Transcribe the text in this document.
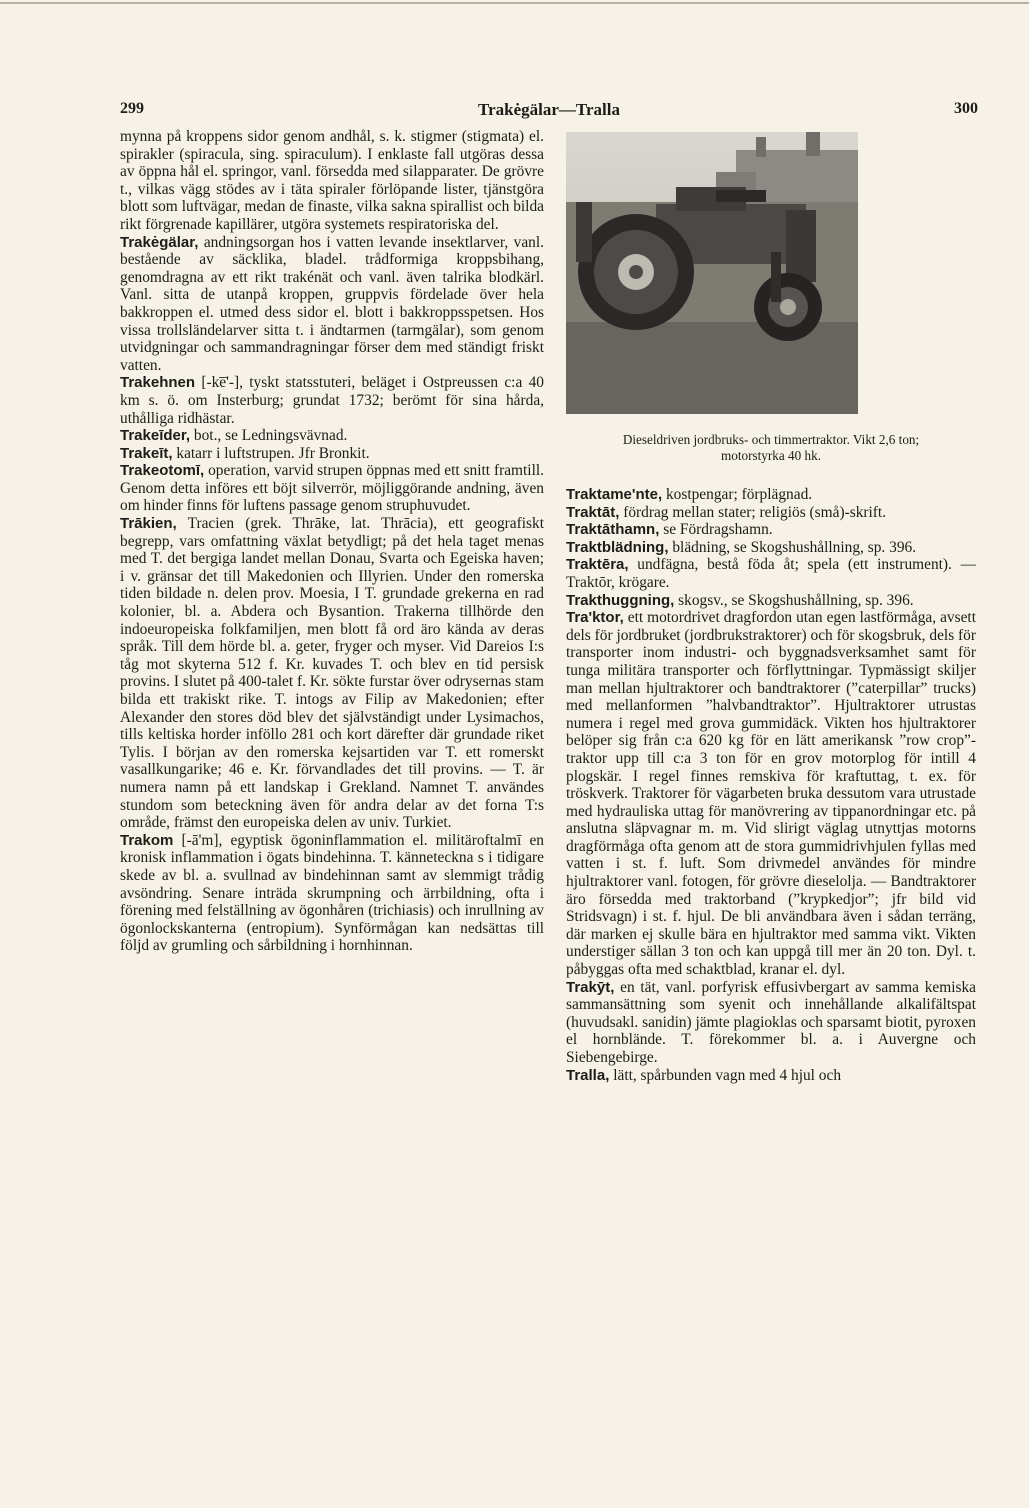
299	Trakėgälar—Tralla	300

mynna på kroppens sidor genom andhål, s. k. stigmer (stigmata) el. spirakler (spiracula, sing. spiraculum). I enklaste fall utgöras dessa av öppna hål el. springor, vanl. försedda med silapparater. De grövre t., vilkas vägg stödes av i täta spiraler förlöpande lister, tjänstgöra blott som luftvägar, medan de finaste, vilka sakna spirallist och bilda rikt förgrenade kapillärer, utgöra systemets respiratoriska del.

Trakėgälar, andningsorgan hos i vatten levande insektlarver, vanl. bestående av säcklika, bladel. trådformiga kroppsbihang, genomdragna av ett rikt trakénät och vanl. även talrika blodkärl. Vanl. sitta de utanpå kroppen, gruppvis fördelade över hela bakkroppen el. utmed dess sidor el. blott i bakkroppsspetsen. Hos vissa trollsländelarver sitta t. i ändtarmen (tarmgälar), som genom utvidgningar och sammandragningar förser dem med ständigt friskt vatten.

Trakehnen [-ke̅'-], tyskt statsstuteri, beläget i Ostpreussen c:a 40 km s. ö. om Insterburg; grundat 1732; berömt för sina hårda, uthålliga ridhästar.

Trakeīder, bot., se Ledningsvävnad.

Trakeīt, katarr i luftstrupen. Jfr Bronkit.

Trakeotomī, operation, varvid strupen öppnas med ett snitt framtill. Genom detta införes ett böjt silverrör, möjliggörande andning, även om hinder finns för luftens passage genom struphuvudet.

Trākien, Tracien (grek. Thrāke, lat. Thrācia), ett geografiskt begrepp, vars omfattning växlat betydligt; på det hela taget menas med T. det bergiga landet mellan Donau, Svarta och Egeiska haven; i v. gränsar det till Makedonien och Illyrien. Under den romerska tiden bildade n. delen prov. Moesia, I T. grundade grekerna en rad kolonier, bl. a. Abdera och Bysantion. Trakerna tillhörde den indoeuropeiska folkfamiljen, men blott få ord äro kända av deras språk. Till dem hörde bl. a. geter, fryger och myser. Vid Dareios I:s tåg mot skyterna 512 f. Kr. kuvades T. och blev en tid persisk provins. I slutet på 400-talet f. Kr. sökte furstar över odrysernas stam bilda ett trakiskt rike. T. intogs av Filip av Makedonien; efter Alexander den stores död blev det självständigt under Lysimachos, tills keltiska horder inföllo 281 och kort därefter där grundade riket Tylis. I början av den romerska kejsartiden var T. ett romerskt vasallkungarike; 46 e. Kr. förvandlades det till provins. — T. är numera namn på ett landskap i Grekland. Namnet T. användes stundom som beteckning även för andra delar av det forna T:s område, främst den europeiska delen av univ. Turkiet.

Trakom [-ā'm], egyptisk ögoninflammation el. militäroftalmī en kronisk inflammation i ögats bindehinna. T. känneteckna s i tidigare skede av bl. a. svullnad av bindehinnan samt av slemmigt trådig avsöndring. Senare inträda skrumpning och ärrbildning, ofta i förening med felställning av ögonhåren (trichiasis) och inrullning av ögonlockskanterna (entropium). Synförmågan kan nedsättas till följd av grumling och sårbildning i hornhinnan.

Dieseldriven jordbruks- och timmertraktor. Vikt 2,6 ton;
motorstyrka 40 hk.

Traktame'nte, kostpengar; förplägnad.

Traktāt, fördrag mellan stater; religiös (små)-skrift.

Traktāthamn, se Fördragshamn.

Traktblädning, blädning, se Skogshushållning, sp. 396.

Traktēra, undfägna, bestå föda åt; spela (ett instrument). — Traktōr, krögare.

Trakthuggning, skogsv., se Skogshushållning, sp. 396.

Tra'ktor, ett motordrivet dragfordon utan egen lastförmåga, avsett dels för jordbruket (jordbrukstraktorer) och för skogsbruk, dels för transporter inom industri- och byggnadsverksamhet samt för tunga militära transporter och förflyttningar. Typmässigt skiljer man mellan hjultraktorer och bandtraktorer (”caterpillar” trucks) med mellanformen ”halvbandtraktor”. Hjultraktorer utrustas numera i regel med grova gummidäck. Vikten hos hjultraktorer belöper sig från c:a 620 kg för en lätt amerikansk ”row crop”-traktor upp till c:a 3 ton för en grov motorplog för intill 4 plogskär. I regel finnes remskiva för kraftuttag, t. ex. för tröskverk. Traktorer för vägarbeten bruka dessutom vara utrustade med hydrauliska uttag för manövrering av tippanordningar etc. på anslutna släpvagnar m. m. Vid slirigt väglag utnyttjas motorns dragförmåga ofta genom att de stora gummidrivhjulen fyllas med vatten i st. f. luft. Som drivmedel användes för mindre hjultraktorer vanl. fotogen, för grövre dieselolja. — Bandtraktorer äro försedda med traktorband (”krypkedjor”; jfr bild vid Stridsvagn) i st. f. hjul. De bli användbara även i sådan terräng, där marken ej skulle bära en hjultraktor med samma vikt. Vikten understiger sällan 3 ton och kan uppgå till mer än 20 ton. Dyl. t. påbyggas ofta med schaktblad, kranar el. dyl.

Trakȳt, en tät, vanl. porfyrisk effusivbergart av samma kemiska sammansättning som syenit och innehållande alkalifältspat (huvudsakl. sanidin) jämte plagioklas och sparsamt biotit, pyroxen el hornblände. T. förekommer bl. a. i Auvergne och Siebengebirge.

Tralla, lätt, spårbunden vagn med 4 hjul och
